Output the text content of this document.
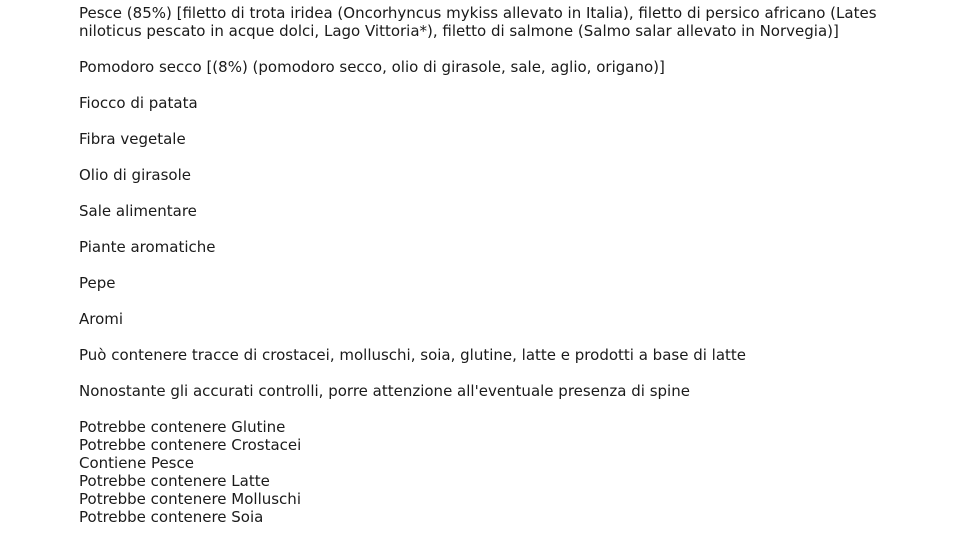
Pesce (85%) [filetto di trota iridea (Oncorhyncus mykiss allevato in Italia), filetto di persico africano (Lates
niloticus pescato in acque dolci, Lago Vittoria*), filetto di salmone (Salmo salar allevato in Norvegia)]
Pomodoro secco [(8%) (pomodoro secco, olio di girasole, sale, aglio, origano)]
Fiocco di patata
Fibra vegetale
Olio di girasole
Sale alimentare
Piante aromatiche
Pepe
Aromi
Può contenere tracce di crostacei, molluschi, soia, glutine, latte e prodotti a base di latte
Nonostante gli accurati controlli, porre attenzione all'eventuale presenza di spine
Potrebbe contenere Glutine
Potrebbe contenere Crostacei
Contiene Pesce
Potrebbe contenere Latte
Potrebbe contenere Molluschi
Potrebbe contenere Soia
